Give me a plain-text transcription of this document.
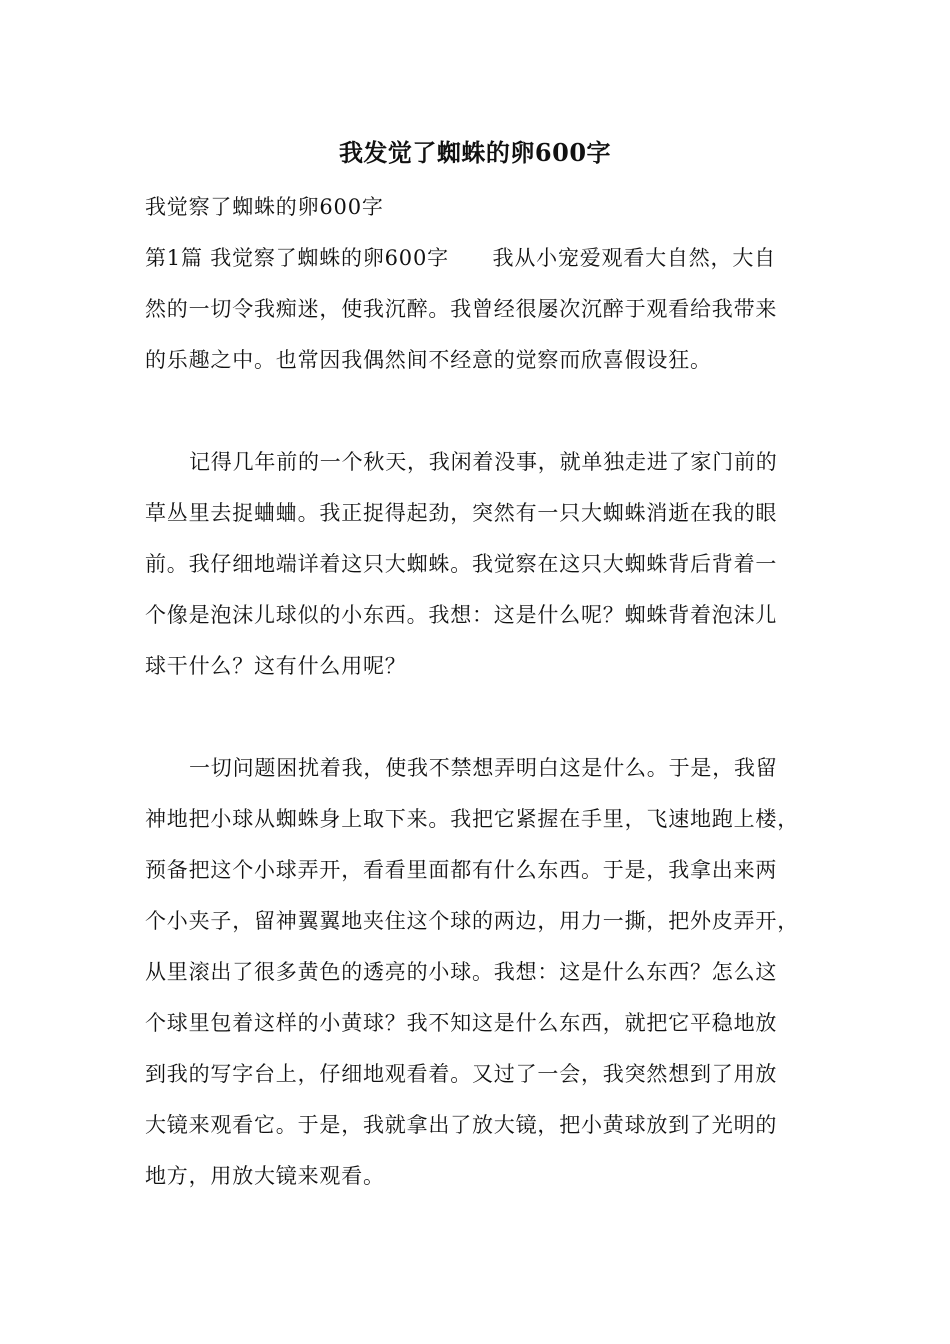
我发觉了蜘蛛的卵600字
我觉察了蜘蛛的卵600字
第1篇 我觉察了蜘蛛的卵600字　　我从小宠爱观看大自然，大自
然的一切令我痴迷，使我沉醉。我曾经很屡次沉醉于观看给我带来
的乐趣之中。也常因我偶然间不经意的觉察而欣喜假设狂。
记得几年前的一个秋天，我闲着没事，就单独走进了家门前的
草丛里去捉蛐蛐。我正捉得起劲，突然有一只大蜘蛛消逝在我的眼
前。我仔细地端详着这只大蜘蛛。我觉察在这只大蜘蛛背后背着一
个像是泡沫儿球似的小东西。我想：这是什么呢？蜘蛛背着泡沫儿
球干什么？这有什么用呢？
一切问题困扰着我，使我不禁想弄明白这是什么。于是，我留
神地把小球从蜘蛛身上取下来。我把它紧握在手里，飞速地跑上楼，
预备把这个小球弄开，看看里面都有什么东西。于是，我拿出来两
个小夹子，留神翼翼地夹住这个球的两边，用力一撕，把外皮弄开，
从里滚出了很多黄色的透亮的小球。我想：这是什么东西？怎么这
个球里包着这样的小黄球？我不知这是什么东西，就把它平稳地放
到我的写字台上，仔细地观看着。又过了一会，我突然想到了用放
大镜来观看它。于是，我就拿出了放大镜，把小黄球放到了光明的
地方，用放大镜来观看。
